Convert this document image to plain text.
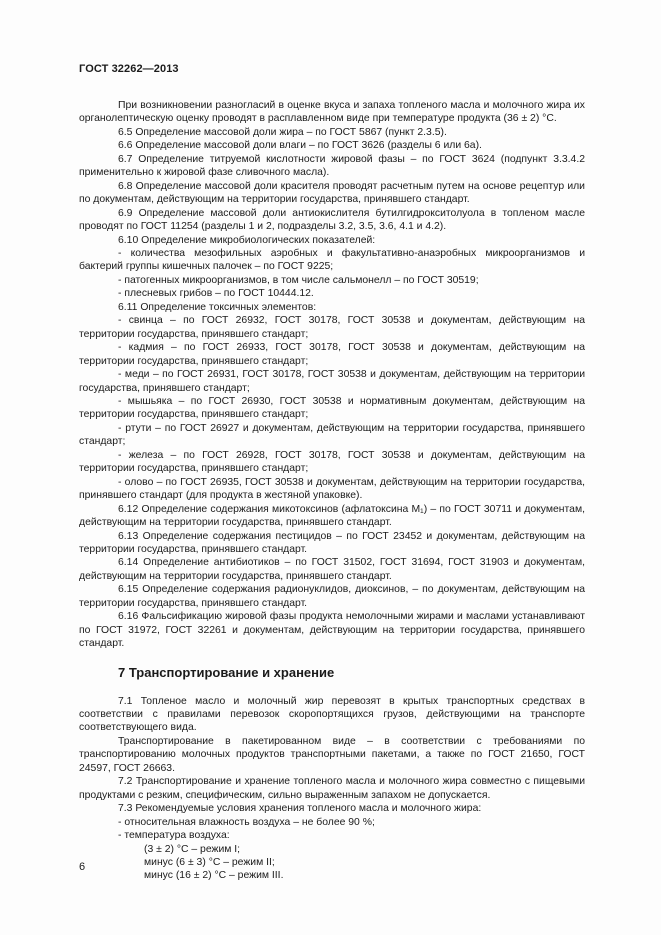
ГОСТ 32262—2013

При возникновении разногласий в оценке вкуса и запаха топленого масла и молочного жира их органолептическую оценку проводят в расплавленном виде при температуре продукта (36 ± 2) °С.

6.5 Определение массовой доли жира – по ГОСТ 5867 (пункт 2.3.5).

6.6 Определение массовой доли влаги – по ГОСТ 3626 (разделы 6 или 6а).

6.7 Определение титруемой кислотности жировой фазы – по ГОСТ 3624 (подпункт 3.3.4.2 применительно к жировой фазе сливочного масла).

6.8 Определение массовой доли красителя проводят расчетным путем на основе рецептур или по документам, действующим на территории государства, принявшего стандарт.

6.9 Определение массовой доли антиокислителя бутилгидрокситолуола в топленом масле проводят по ГОСТ 11254 (разделы 1 и 2, подразделы 3.2, 3.5, 3.6, 4.1 и 4.2).

6.10 Определение микробиологических показателей:

- количества мезофильных аэробных и факультативно-анаэробных микроорганизмов и бактерий группы кишечных палочек – по ГОСТ 9225;

- патогенных микроорганизмов, в том числе сальмонелл – по ГОСТ 30519;

- плесневых грибов – по ГОСТ 10444.12.

6.11 Определение токсичных элементов:

- свинца – по ГОСТ 26932, ГОСТ 30178, ГОСТ 30538 и документам, действующим на территории государства, принявшего стандарт;

- кадмия – по ГОСТ 26933, ГОСТ 30178, ГОСТ 30538 и документам, действующим на территории государства, принявшего стандарт;

- меди – по ГОСТ 26931, ГОСТ 30178, ГОСТ 30538 и документам, действующим на территории государства, принявшего стандарт;

- мышьяка – по ГОСТ 26930, ГОСТ 30538 и нормативным документам, действующим на территории государства, принявшего стандарт;

- ртути – по ГОСТ 26927 и документам, действующим на территории государства, принявшего стандарт;

- железа – по ГОСТ 26928, ГОСТ 30178, ГОСТ 30538 и документам, действующим на территории государства, принявшего стандарт;

- олово – по ГОСТ 26935, ГОСТ 30538 и документам, действующим на территории государства, принявшего стандарт (для продукта в жестяной упаковке).

6.12 Определение содержания микотоксинов (афлатоксина М₁) – по ГОСТ 30711 и документам, действующим на территории государства, принявшего стандарт.

6.13 Определение содержания пестицидов – по ГОСТ 23452 и документам, действующим на территории государства, принявшего стандарт.

6.14 Определение антибиотиков – по ГОСТ 31502, ГОСТ 31694, ГОСТ 31903 и документам, действующим на территории государства, принявшего стандарт.

6.15 Определение содержания радионуклидов, диоксинов, – по документам, действующим на территории государства, принявшего стандарт.

6.16 Фальсификацию жировой фазы продукта немолочными жирами и маслами устанавливают по ГОСТ 31972, ГОСТ 32261 и документам, действующим на территории государства, принявшего стандарт.

7 Транспортирование и хранение

7.1 Топленое масло и молочный жир перевозят в крытых транспортных средствах в соответствии с правилами перевозок скоропортящихся грузов, действующими на транспорте соответствующего вида.

Транспортирование в пакетированном виде – в соответствии с требованиями по транспортированию молочных продуктов транспортными пакетами, а также по ГОСТ 21650, ГОСТ 24597, ГОСТ 26663.

7.2 Транспортирование и хранение топленого масла и молочного жира совместно с пищевыми продуктами с резким, специфическим, сильно выраженным запахом не допускается.

7.3 Рекомендуемые условия хранения топленого масла и молочного жира:

- относительная влажность воздуха – не более 90 %;

- температура воздуха:

(3 ± 2) °С – режим I;

минус (6 ± 3) °С – режим II;

минус (16 ± 2) °С – режим III.

6
